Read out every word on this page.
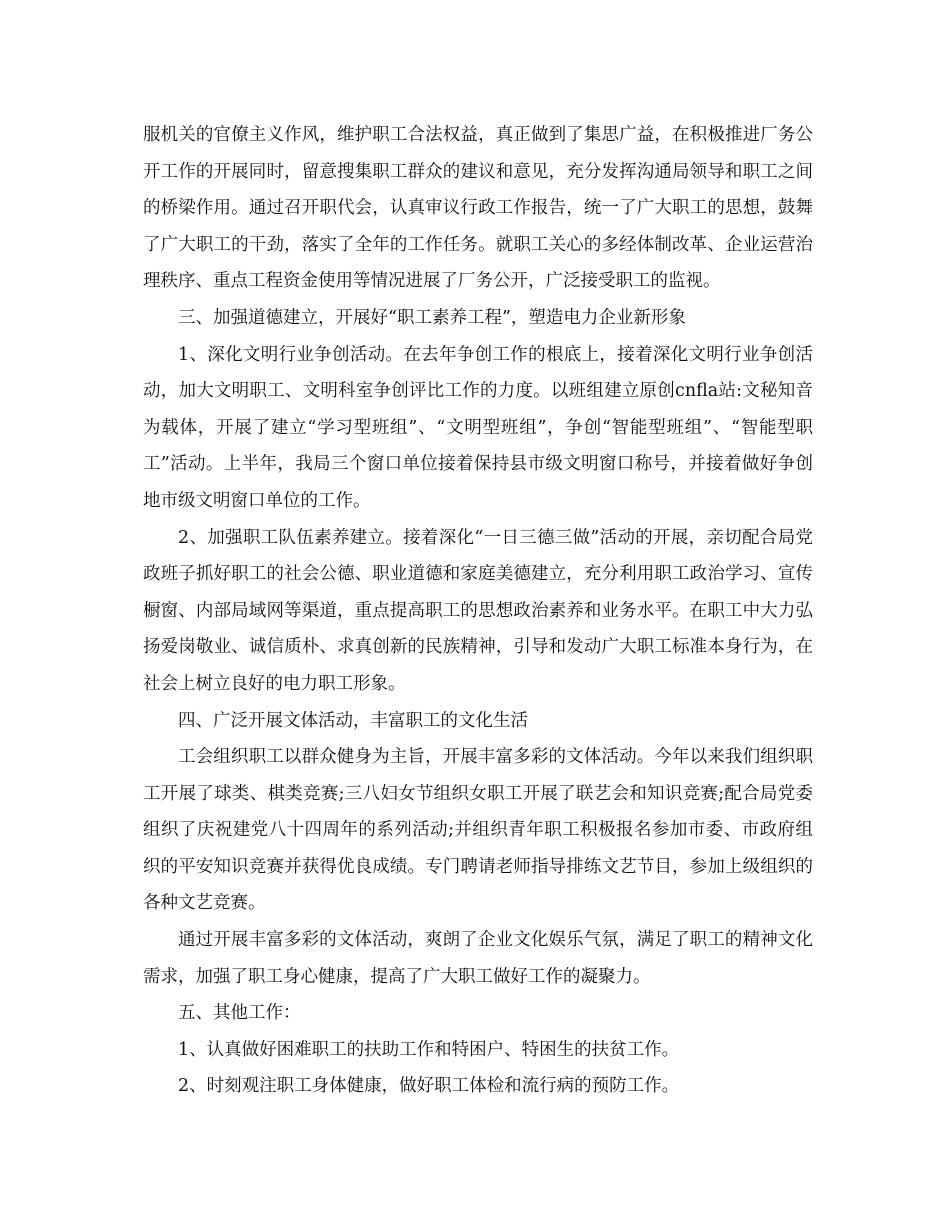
服机关的官僚主义作风，维护职工合法权益，真正做到了集思广益，在积极推进厂务公开工作的开展同时，留意搜集职工群众的建议和意见，充分发挥沟通局领导和职工之间的桥梁作用。通过召开职代会，认真审议行政工作报告，统一了广大职工的思想，鼓舞了广大职工的干劲，落实了全年的工作任务。就职工关心的多经体制改革、企业运营治理秩序、重点工程资金使用等情况进展了厂务公开，广泛接受职工的监视。

三、加强道德建立，开展好“职工素养工程”，塑造电力企业新形象

1、深化文明行业争创活动。在去年争创工作的根底上，接着深化文明行业争创活动，加大文明职工、文明科室争创评比工作的力度。以班组建立原创cnfla站:文秘知音为载体，开展了建立“学习型班组”、“文明型班组”，争创“智能型班组”、“智能型职工”活动。上半年，我局三个窗口单位接着保持县市级文明窗口称号，并接着做好争创地市级文明窗口单位的工作。

2、加强职工队伍素养建立。接着深化“一日三德三做”活动的开展，亲切配合局党政班子抓好职工的社会公德、职业道德和家庭美德建立，充分利用职工政治学习、宣传橱窗、内部局域网等渠道，重点提高职工的思想政治素养和业务水平。在职工中大力弘扬爱岗敬业、诚信质朴、求真创新的民族精神，引导和发动广大职工标准本身行为，在社会上树立良好的电力职工形象。

四、广泛开展文体活动，丰富职工的文化生活

工会组织职工以群众健身为主旨，开展丰富多彩的文体活动。今年以来我们组织职工开展了球类、棋类竞赛;三八妇女节组织女职工开展了联艺会和知识竞赛;配合局党委组织了庆祝建党八十四周年的系列活动;并组织青年职工积极报名参加市委、市政府组织的平安知识竞赛并获得优良成绩。专门聘请老师指导排练文艺节目，参加上级组织的各种文艺竞赛。

通过开展丰富多彩的文体活动，爽朗了企业文化娱乐气氛，满足了职工的精神文化需求，加强了职工身心健康，提高了广大职工做好工作的凝聚力。

五、其他工作：

1、认真做好困难职工的扶助工作和特困户、特困生的扶贫工作。

2、时刻观注职工身体健康，做好职工体检和流行病的预防工作。
